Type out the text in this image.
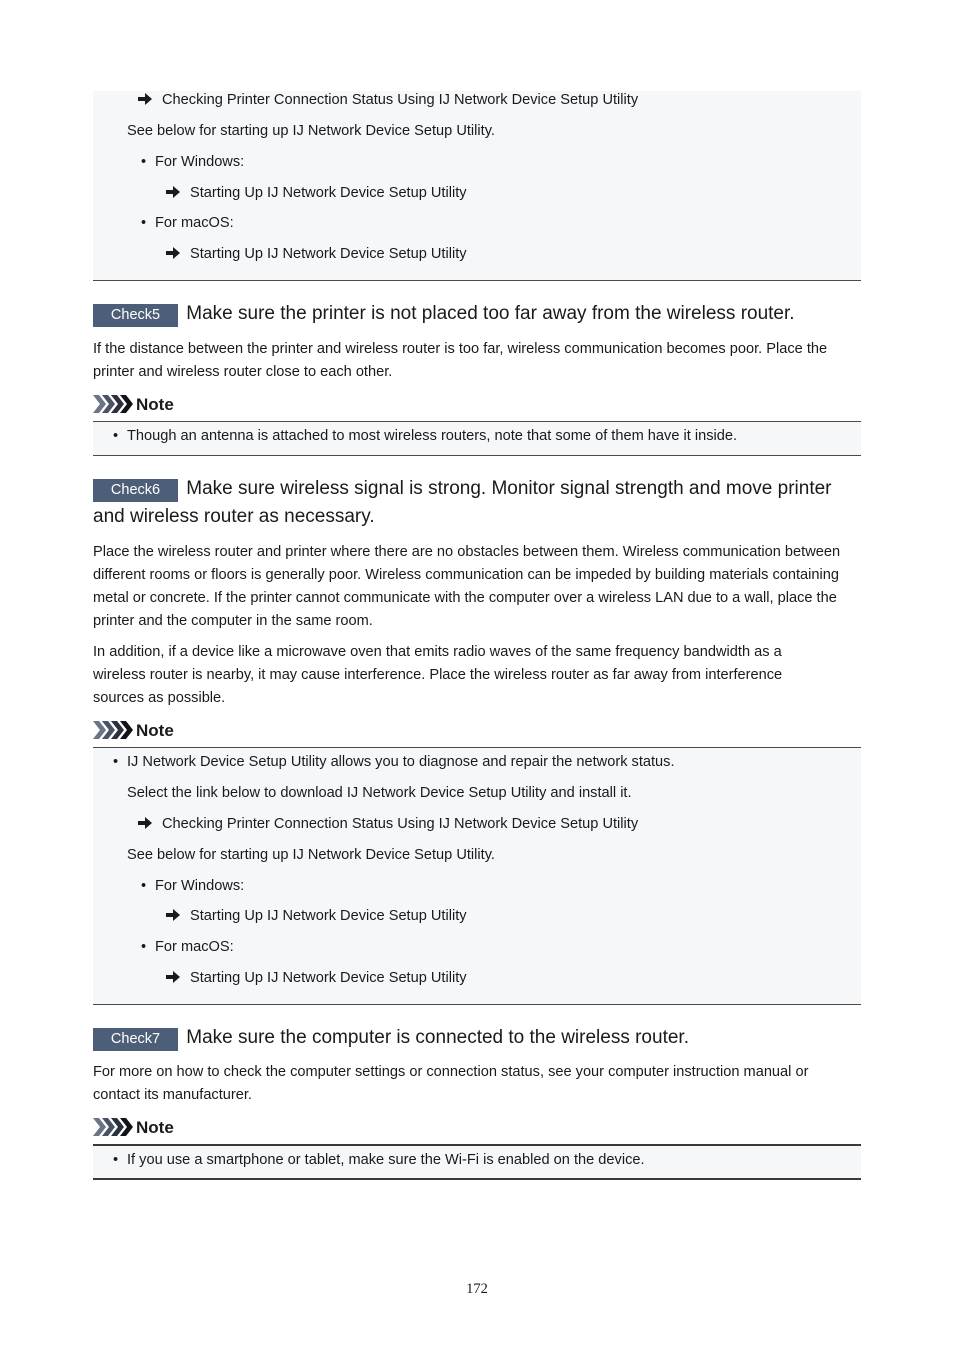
Checking Printer Connection Status Using IJ Network Device Setup Utility
See below for starting up IJ Network Device Setup Utility.
• For Windows:
Starting Up IJ Network Device Setup Utility
• For macOS:
Starting Up IJ Network Device Setup Utility
Check5 Make sure the printer is not placed too far away from the wireless router.
If the distance between the printer and wireless router is too far, wireless communication becomes poor. Place the printer and wireless router close to each other.
Note
• Though an antenna is attached to most wireless routers, note that some of them have it inside.
Check6 Make sure wireless signal is strong. Monitor signal strength and move printer and wireless router as necessary.
Place the wireless router and printer where there are no obstacles between them. Wireless communication between different rooms or floors is generally poor. Wireless communication can be impeded by building materials containing metal or concrete. If the printer cannot communicate with the computer over a wireless LAN due to a wall, place the printer and the computer in the same room.
In addition, if a device like a microwave oven that emits radio waves of the same frequency bandwidth as a wireless router is nearby, it may cause interference. Place the wireless router as far away from interference sources as possible.
Note
• IJ Network Device Setup Utility allows you to diagnose and repair the network status.
Select the link below to download IJ Network Device Setup Utility and install it.
Checking Printer Connection Status Using IJ Network Device Setup Utility
See below for starting up IJ Network Device Setup Utility.
• For Windows:
Starting Up IJ Network Device Setup Utility
• For macOS:
Starting Up IJ Network Device Setup Utility
Check7 Make sure the computer is connected to the wireless router.
For more on how to check the computer settings or connection status, see your computer instruction manual or contact its manufacturer.
Note
• If you use a smartphone or tablet, make sure the Wi-Fi is enabled on the device.
172
